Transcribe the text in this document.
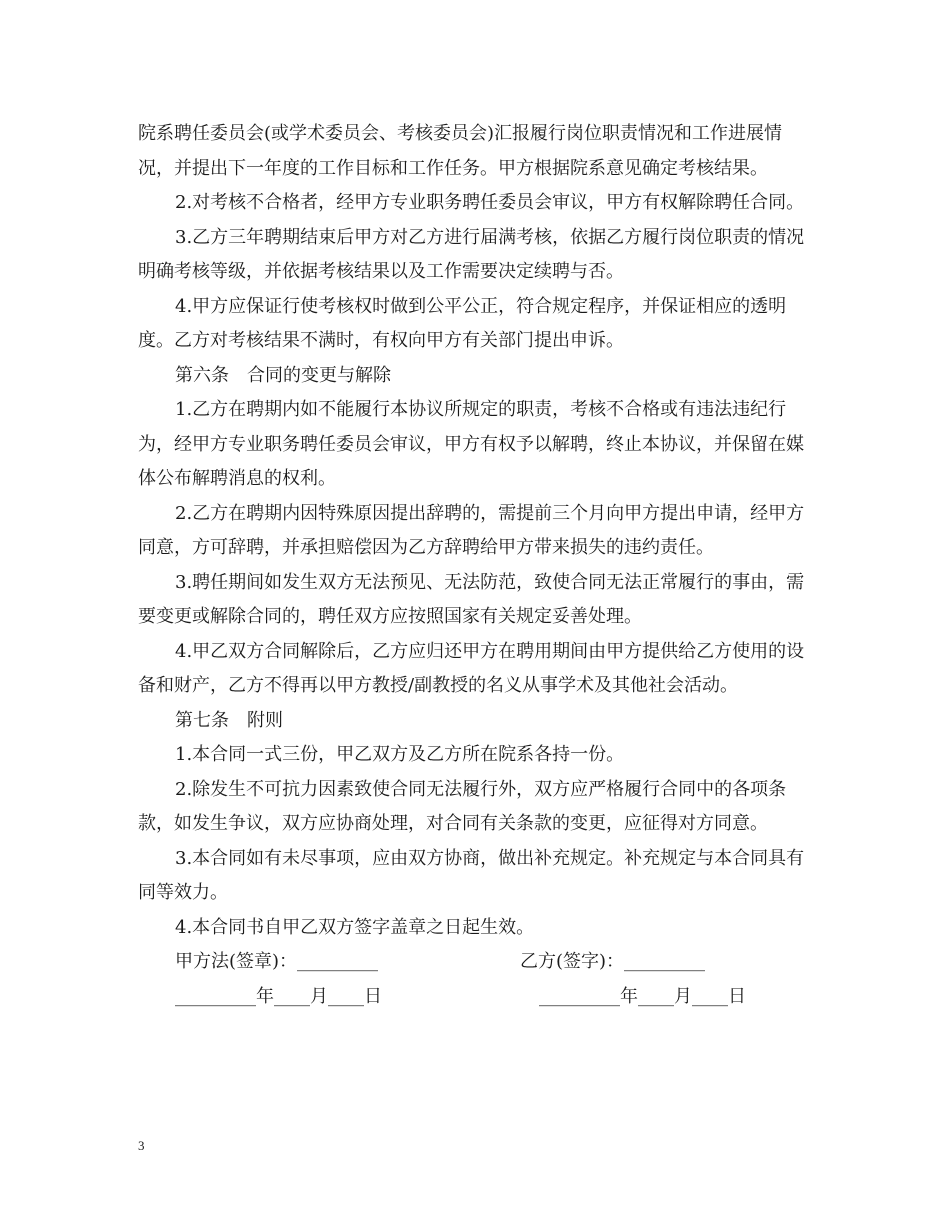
院系聘任委员会(或学术委员会、考核委员会)汇报履行岗位职责情况和工作进展情况，并提出下一年度的工作目标和工作任务。甲方根据院系意见确定考核结果。

2.对考核不合格者，经甲方专业职务聘任委员会审议，甲方有权解除聘任合同。

3.乙方三年聘期结束后甲方对乙方进行届满考核，依据乙方履行岗位职责的情况明确考核等级，并依据考核结果以及工作需要决定续聘与否。

4.甲方应保证行使考核权时做到公平公正，符合规定程序，并保证相应的透明度。乙方对考核结果不满时，有权向甲方有关部门提出申诉。

第六条　合同的变更与解除

1.乙方在聘期内如不能履行本协议所规定的职责，考核不合格或有违法违纪行为，经甲方专业职务聘任委员会审议，甲方有权予以解聘，终止本协议，并保留在媒体公布解聘消息的权利。

2.乙方在聘期内因特殊原因提出辞聘的，需提前三个月向甲方提出申请，经甲方同意，方可辞聘，并承担赔偿因为乙方辞聘给甲方带来损失的违约责任。

3.聘任期间如发生双方无法预见、无法防范，致使合同无法正常履行的事由，需要变更或解除合同的，聘任双方应按照国家有关规定妥善处理。

4.甲乙双方合同解除后，乙方应归还甲方在聘用期间由甲方提供给乙方使用的设备和财产，乙方不得再以甲方教授/副教授的名义从事学术及其他社会活动。

第七条　附则

1.本合同一式三份，甲乙双方及乙方所在院系各持一份。

2.除发生不可抗力因素致使合同无法履行外，双方应严格履行合同中的各项条款，如发生争议，双方应协商处理，对合同有关条款的变更，应征得对方同意。

3.本合同如有未尽事项，应由双方协商，做出补充规定。补充规定与本合同具有同等效力。

4.本合同书自甲乙双方签字盖章之日起生效。

甲方法(签章)：_________	乙方(签字)：_________
_________年____月____日	_________年____月____日
3
